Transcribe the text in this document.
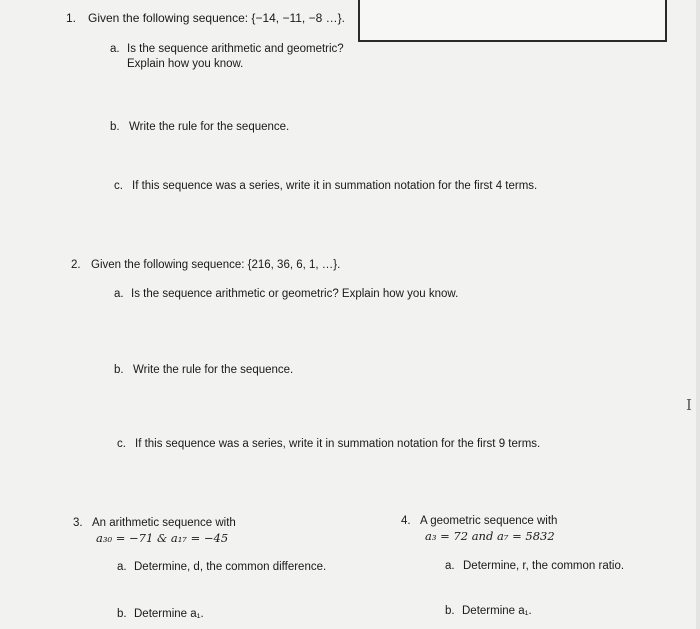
I
1. Given the following sequence: {−14, −11, −8 …}.
a. Is the sequence arithmetic and geometric?
Explain how you know.
b. Write the rule for the sequence.
c. If this sequence was a series, write it in summation notation for the first 4 terms.
2. Given the following sequence: {216, 36, 6, 1, …}.
a. Is the sequence arithmetic or geometric? Explain how you know.
b. Write the rule for the sequence.
c. If this sequence was a series, write it in summation notation for the first 9 terms.
3. An arithmetic sequence with
a₃₀ = −71 & a₁₇ = −45
a. Determine, d, the common difference.
b. Determine a₁.
4. A geometric sequence with
a₃ = 72 and a₇ = 5832
a. Determine, r, the common ratio.
b. Determine a₁.
